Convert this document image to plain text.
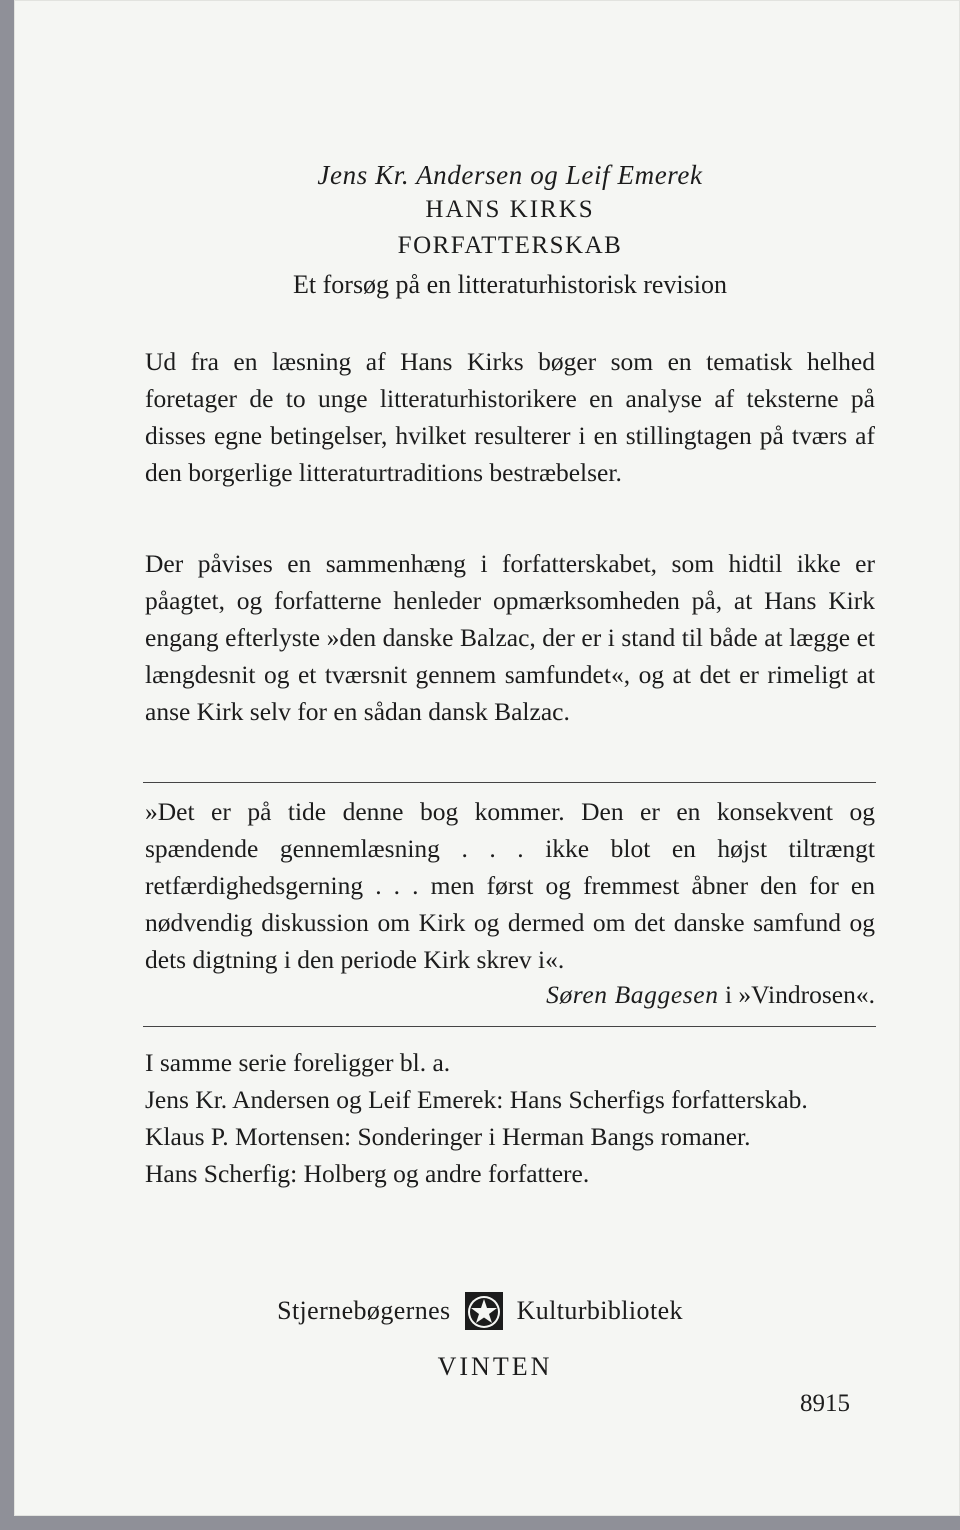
Jens Kr. Andersen og Leif Emerek
HANS KIRKS
FORFATTERSKAB
Et forsøg på en litteraturhistorisk revision
Ud fra en læsning af Hans Kirks bøger som en tematisk helhed foretager de to unge litteraturhistorikere en analyse af teksterne på disses egne betingelser, hvilket resulterer i en stillingtagen på tværs af den borgerlige litteraturtraditions bestræbelser.
Der påvises en sammenhæng i forfatterskabet, som hidtil ikke er påagtet, og forfatterne henleder opmærksomheden på, at Hans Kirk engang efterlyste »den danske Balzac, der er i stand til både at lægge et længdesnit og et tværsnit gennem samfundet«, og at det er rimeligt at anse Kirk selv for en sådan dansk Balzac.
»Det er på tide denne bog kommer. Den er en konsekvent og spændende gennemlæsning . . . ikke blot en højst tiltrængt retfærdighedsgerning . . . men først og fremmest åbner den for en nødvendig diskussion om Kirk og dermed om det danske samfund og dets digtning i den periode Kirk skrev i«.
Søren Baggesen i »Vindrosen«.
I samme serie foreligger bl. a.
Jens Kr. Andersen og Leif Emerek: Hans Scherfigs forfatterskab.
Klaus P. Mortensen: Sonderinger i Herman Bangs romaner.
Hans Scherfig: Holberg og andre forfattere.
Stjernebøgernes	Kulturbibliotek
VINTEN
8915
